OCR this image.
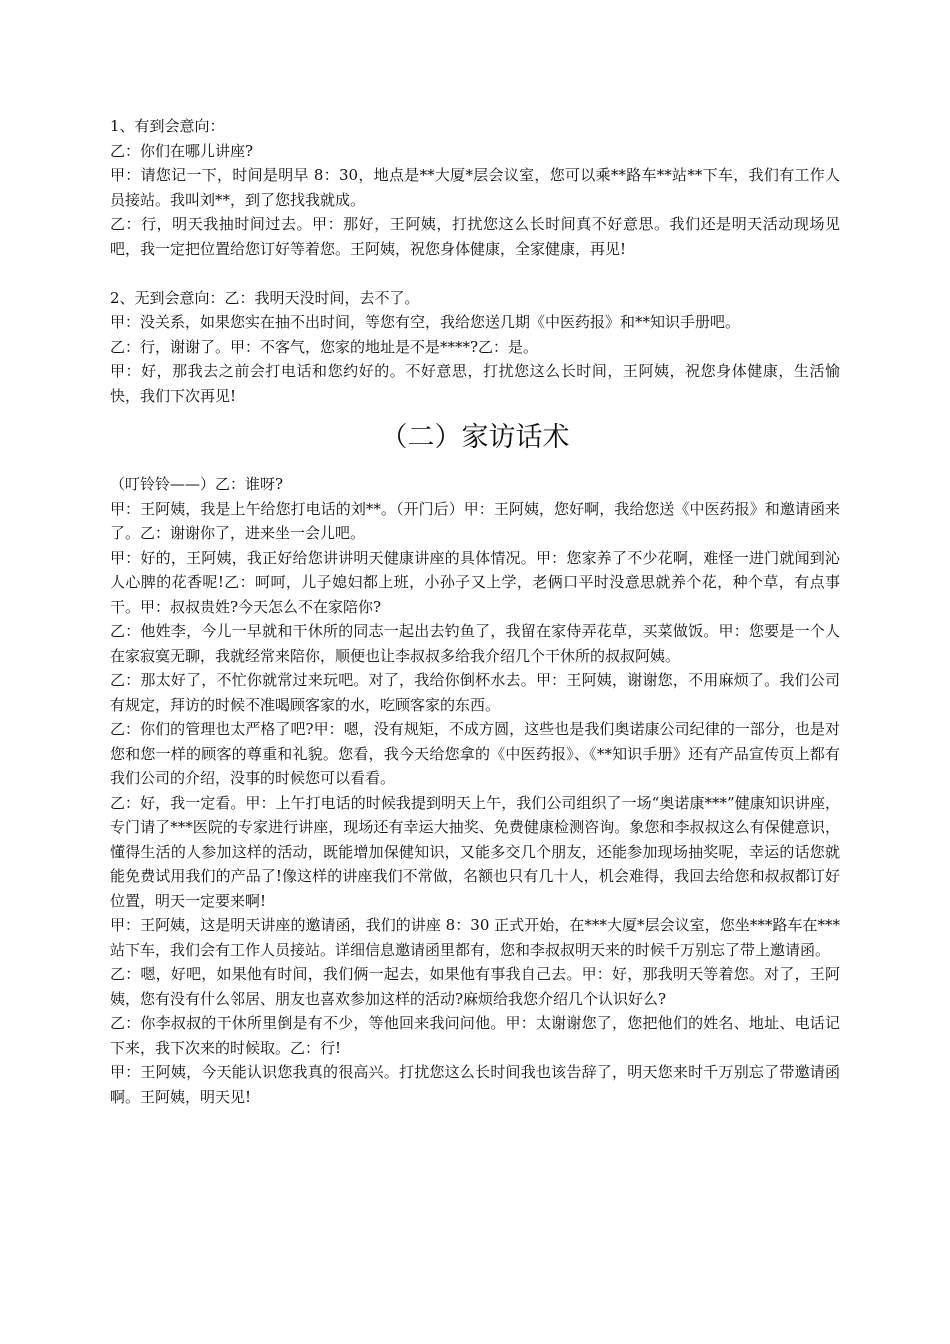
1、有到会意向：

乙：你们在哪儿讲座?

甲：请您记一下，时间是明早 8：30，地点是**大厦*层会议室，您可以乘**路车**站**下车，我们有工作人员接站。我叫刘**，到了您找我就成。

乙：行，明天我抽时间过去。甲：那好，王阿姨，打扰您这么长时间真不好意思。我们还是明天活动现场见吧，我一定把位置给您订好等着您。王阿姨，祝您身体健康，全家健康，再见!

2、无到会意向：乙：我明天没时间，去不了。

甲：没关系，如果您实在抽不出时间，等您有空，我给您送几期《中医药报》和**知识手册吧。

乙：行，谢谢了。甲：不客气，您家的地址是不是****?乙：是。

甲：好，那我去之前会打电话和您约好的。不好意思，打扰您这么长时间，王阿姨，祝您身体健康，生活愉快，我们下次再见!

（二）家访话术

（叮铃铃——）乙：谁呀?

甲：王阿姨，我是上午给您打电话的刘**。（开门后）甲：王阿姨，您好啊，我给您送《中医药报》和邀请函来了。乙：谢谢你了，进来坐一会儿吧。

甲：好的，王阿姨，我正好给您讲讲明天健康讲座的具体情况。甲：您家养了不少花啊，难怪一进门就闻到沁人心脾的花香呢!乙：呵呵，儿子媳妇都上班，小孙子又上学，老俩口平时没意思就养个花，种个草，有点事干。甲：叔叔贵姓?今天怎么不在家陪你?

乙：他姓李，今儿一早就和干休所的同志一起出去钓鱼了，我留在家侍弄花草，买菜做饭。甲：您要是一个人在家寂寞无聊，我就经常来陪你，顺便也让李叔叔多给我介绍几个干休所的叔叔阿姨。

乙：那太好了，不忙你就常过来玩吧。对了，我给你倒杯水去。甲：王阿姨，谢谢您，不用麻烦了。我们公司有规定，拜访的时候不准喝顾客家的水，吃顾客家的东西。

乙：你们的管理也太严格了吧?甲：嗯，没有规矩，不成方圆，这些也是我们奥诺康公司纪律的一部分，也是对您和您一样的顾客的尊重和礼貌。您看，我今天给您拿的《中医药报》、《**知识手册》还有产品宣传页上都有我们公司的介绍，没事的时候您可以看看。

乙：好，我一定看。甲：上午打电话的时候我提到明天上午，我们公司组织了一场“奥诺康***”健康知识讲座，专门请了***医院的专家进行讲座，现场还有幸运大抽奖、免费健康检测咨询。象您和李叔叔这么有保健意识，懂得生活的人参加这样的活动，既能增加保健知识，又能多交几个朋友，还能参加现场抽奖呢，幸运的话您就能免费试用我们的产品了!像这样的讲座我们不常做，名额也只有几十人，机会难得，我回去给您和叔叔都订好位置，明天一定要来啊!

甲：王阿姨，这是明天讲座的邀请函，我们的讲座 8：30 正式开始，在***大厦*层会议室，您坐***路车在***站下车，我们会有工作人员接站。详细信息邀请函里都有，您和李叔叔明天来的时候千万别忘了带上邀请函。

乙：嗯，好吧，如果他有时间，我们俩一起去，如果他有事我自己去。甲：好，那我明天等着您。对了，王阿姨，您有没有什么邻居、朋友也喜欢参加这样的活动?麻烦给我您介绍几个认识好么?

乙：你李叔叔的干休所里倒是有不少，等他回来我问问他。甲：太谢谢您了，您把他们的姓名、地址、电话记下来，我下次来的时候取。乙：行!

甲：王阿姨，今天能认识您我真的很高兴。打扰您这么长时间我也该告辞了，明天您来时千万别忘了带邀请函啊。王阿姨，明天见!
